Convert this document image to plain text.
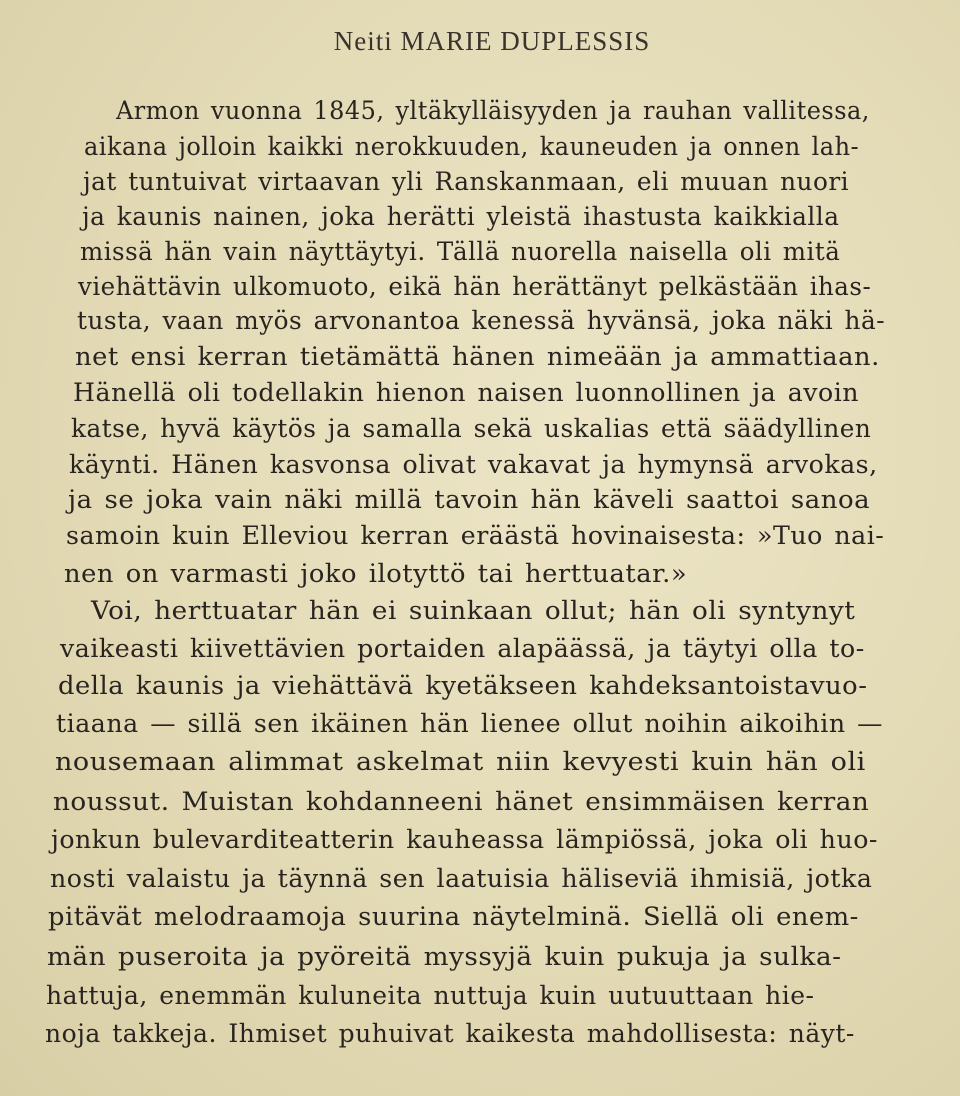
Neiti MARIE DUPLESSIS
Armon vuonna 1845, yltäkylläisyyden ja rauhan vallitessa,
aikana jolloin kaikki nerokkuuden, kauneuden ja onnen lah-
jat tuntuivat virtaavan yli Ranskanmaan, eli muuan nuori
ja kaunis nainen, joka herätti yleistä ihastusta kaikkialla
missä hän vain näyttäytyi. Tällä nuorella naisella oli mitä
viehättävin ulkomuoto, eikä hän herättänyt pelkästään ihas-
tusta, vaan myös arvonantoa kenessä hyvänsä, joka näki hä-
net ensi kerran tietämättä hänen nimeään ja ammattiaan.
Hänellä oli todellakin hienon naisen luonnollinen ja avoin
katse, hyvä käytös ja samalla sekä uskalias että säädyllinen
käynti. Hänen kasvonsa olivat vakavat ja hymynsä arvokas,
ja se joka vain näki millä tavoin hän käveli saattoi sanoa
samoin kuin Elleviou kerran eräästä hovinaisesta: »Tuo nai-
nen on varmasti joko ilotyttö tai herttuatar.»
Voi, herttuatar hän ei suinkaan ollut; hän oli syntynyt
vaikeasti kiivettävien portaiden alapäässä, ja täytyi olla to-
della kaunis ja viehättävä kyetäkseen kahdeksantoistavuo-
tiaana — sillä sen ikäinen hän lienee ollut noihin aikoihin —
nousemaan alimmat askelmat niin kevyesti kuin hän oli
noussut. Muistan kohdanneeni hänet ensimmäisen kerran
jonkun bulevarditeatterin kauheassa lämpiössä, joka oli huo-
nosti valaistu ja täynnä sen laatuisia häliseviä ihmisiä, jotka
pitävät melodraamoja suurina näytelminä. Siellä oli enem-
män puseroita ja pyöreitä myssyjä kuin pukuja ja sulka-
hattuja, enemmän kuluneita nuttuja kuin uutuuttaan hie-
noja takkeja. Ihmiset puhuivat kaikesta mahdollisesta: näyt-
